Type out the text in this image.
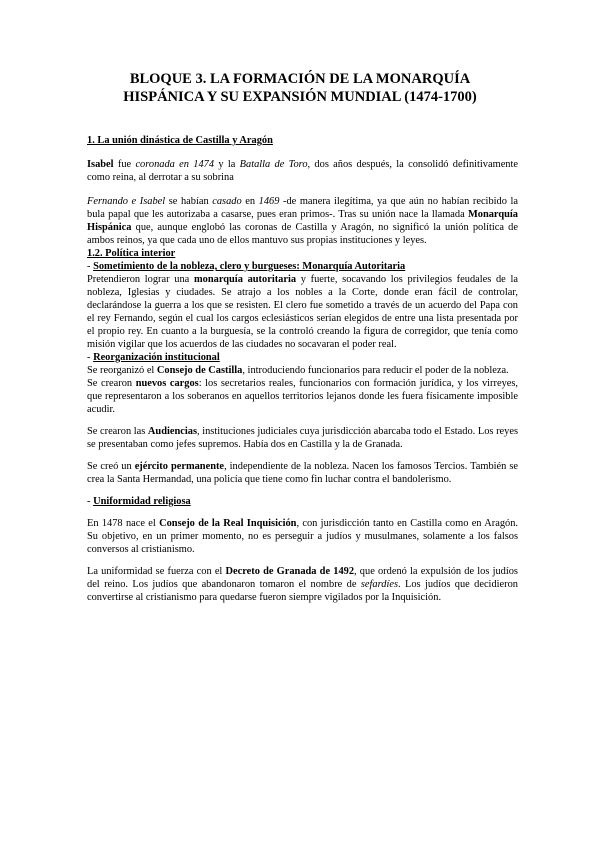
BLOQUE 3. LA FORMACIÓN DE LA MONARQUÍA
HISPÁNICA Y SU EXPANSIÓN MUNDIAL (1474-1700)

1. La unión dinástica de Castilla y Aragón

Isabel fue coronada en 1474 y la Batalla de Toro, dos años después, la consolidó definitivamente como reina, al derrotar a su sobrina

Fernando e Isabel se habían casado en 1469 -de manera ilegítima, ya que aún no habían recibido la bula papal que les autorizaba a casarse, pues eran primos-. Tras su unión nace la llamada Monarquía Hispánica que, aunque englobó las coronas de Castilla y Aragón, no significó la unión política de ambos reinos, ya que cada uno de ellos mantuvo sus propias instituciones y leyes.

1.2. Política interior

- Sometimiento de la nobleza, clero y burgueses: Monarquía Autoritaria

Pretendieron lograr una monarquía autoritaria y fuerte, socavando los privilegios feudales de la nobleza, Iglesias y ciudades. Se atrajo a los nobles a la Corte, donde eran fácil de controlar, declarándose la guerra a los que se resisten. El clero fue sometido a través de un acuerdo del Papa con el rey Fernando, según el cual los cargos eclesiásticos serían elegidos de entre una lista presentada por el propio rey. En cuanto a la burguesía, se la controló creando la figura de corregidor, que tenía como misión vigilar que los acuerdos de las ciudades no socavaran el poder real.

- Reorganización institucional

Se reorganizó el Consejo de Castilla, introduciendo funcionarios para reducir el poder de la nobleza.

Se crearon nuevos cargos: los secretarios reales, funcionarios con formación jurídica, y los virreyes, que representaron a los soberanos en aquellos territorios lejanos donde les fuera físicamente imposible acudir.

Se crearon las Audiencias, instituciones judiciales cuya jurisdicción abarcaba todo el Estado. Los reyes se presentaban como jefes supremos. Había dos en Castilla y la de Granada.

Se creó un ejército permanente, independiente de la nobleza. Nacen los famosos Tercios. También se crea la Santa Hermandad, una policía que tiene como fin luchar contra el bandolerismo.

- Uniformidad religiosa

En 1478 nace el Consejo de la Real Inquisición, con jurisdicción tanto en Castilla como en Aragón. Su objetivo, en un primer momento, no es perseguir a judíos y musulmanes, solamente a los falsos conversos al cristianismo.

La uniformidad se fuerza con el Decreto de Granada de 1492, que ordenó la expulsión de los judíos del reino. Los judíos que abandonaron tomaron el nombre de sefardíes. Los judíos que decidieron convertirse al cristianismo para quedarse fueron siempre vigilados por la Inquisición.
